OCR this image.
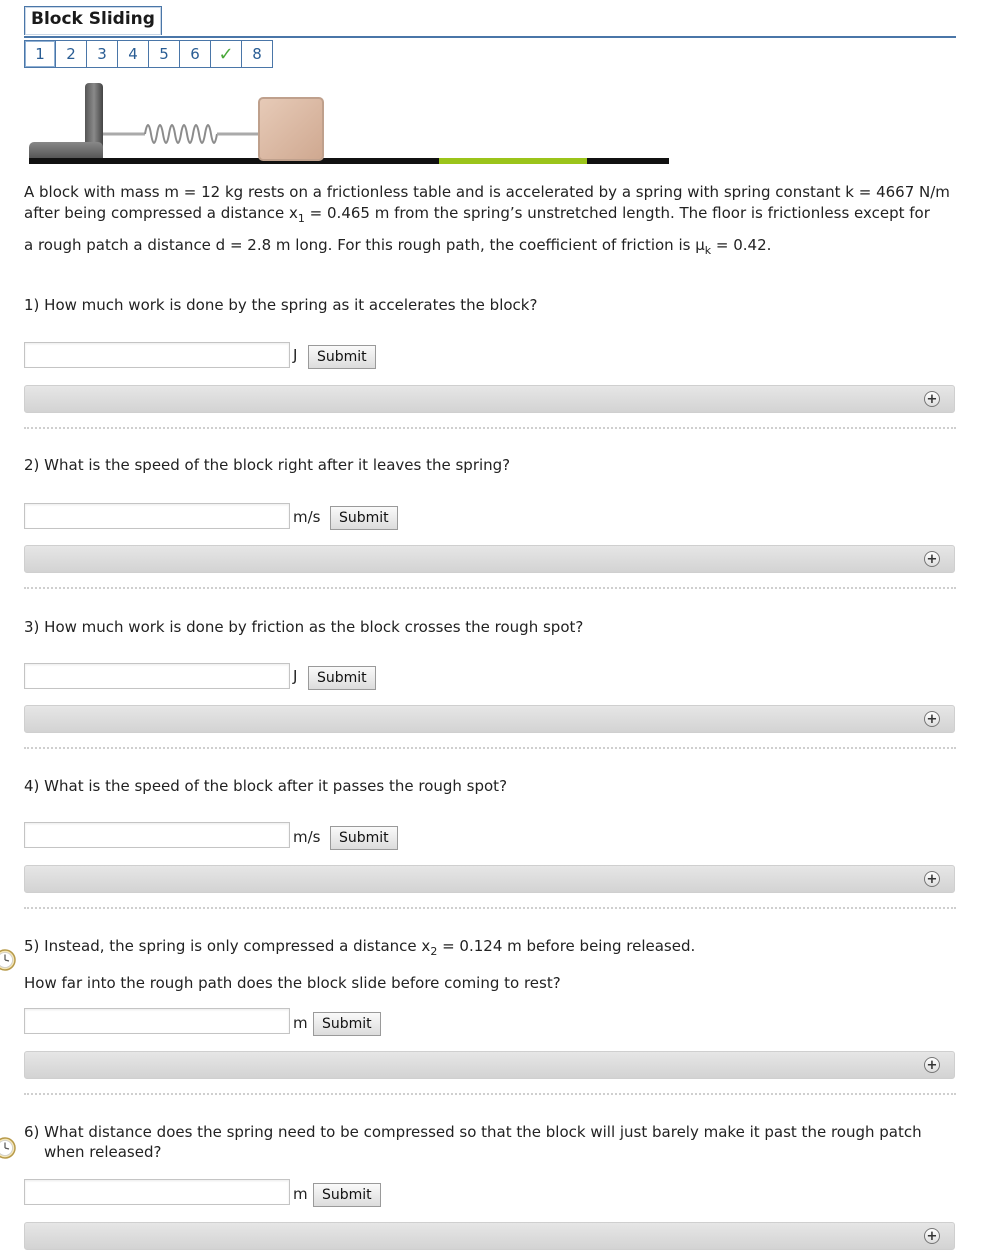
Block Sliding
1	2	3	4	5	6	✓	8

A block with mass m = 12 kg rests on a frictionless table and is accelerated by a spring with spring constant k = 4667 N/m

after being compressed a distance $x_1 = 0.465$ m from the spring’s unstretched length. The floor is frictionless except for

a rough patch a distance d = 2.8 m long. For this rough path, the coefficient of friction is $\mu_k = 0.42$.

1) How much work is done by the spring as it accelerates the block?
J	Submit
+
2) What is the speed of the block right after it leaves the spring?
m/s	Submit
+
3) How much work is done by friction as the block crosses the rough spot?
J	Submit
+
4) What is the speed of the block after it passes the rough spot?
m/s	Submit
+
5) Instead, the spring is only compressed a distance $x_2 = 0.124$ m before being released.
How far into the rough path does the block slide before coming to rest?
m	Submit
+
6) What distance does the spring need to be compressed so that the block will just barely make it past the rough patch
when released?
m	Submit
+
